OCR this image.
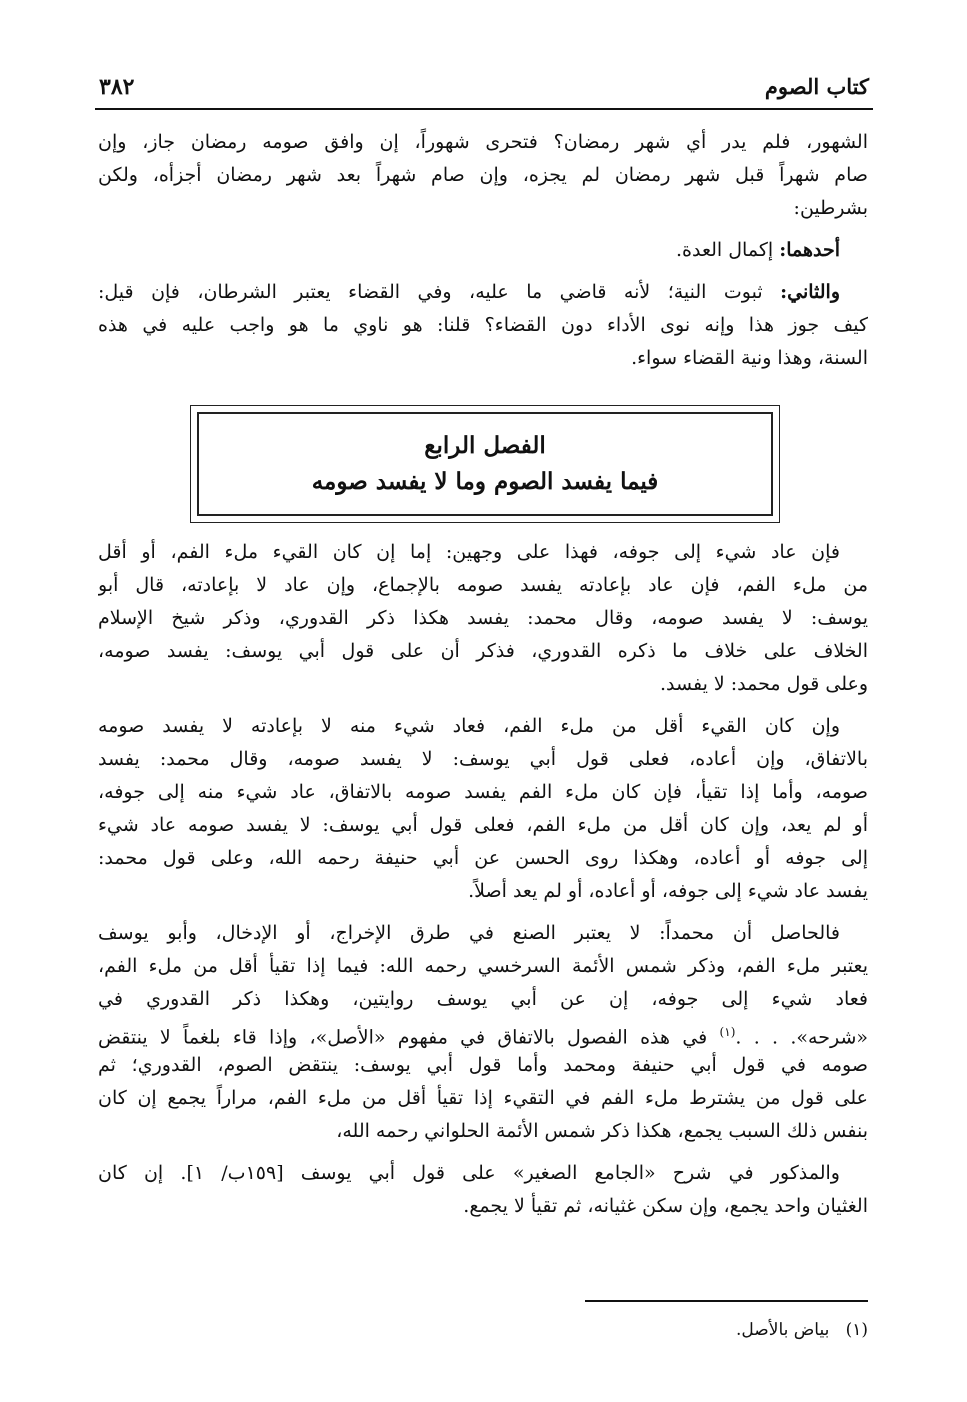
٣٨٢	كتاب الصوم
الشهور، فلم يدر أي شهر رمضان؟ فتحرى شهوراً، إن وافق صومه رمضان جاز، وإن
صام شهراً قبل شهر رمضان لم يجزه، وإن صام شهراً بعد شهر رمضان أجزأه، ولكن
بشرطين:
أحدهما: إكمال العدة.
والثاني: ثبوت النية؛ لأنه قاضي ما عليه، وفي القضاء يعتبر الشرطان، فإن قيل:
كيف جوز هذا وإنه نوى الأداء دون القضاء؟ قلنا: هو ناوي ما هو واجب عليه في هذه
السنة، وهذا ونية القضاء سواء.
الفصل الرابع
فيما يفسد الصوم وما لا يفسد صومه
فإن عاد شيء إلى جوفه، فهذا على وجهين: إما إن كان القيء ملء الفم، أو أقل
من ملء الفم، فإن عاد بإعادته يفسد صومه بالإجماع، وإن عاد لا بإعادته، قال أبو
يوسف: لا يفسد صومه، وقال محمد: يفسد هكذا ذكر القدوري، وذكر شيخ الإسلام
الخلاف على خلاف ما ذكره القدوري، فذكر أن على قول أبي يوسف: يفسد صومه،
وعلى قول محمد: لا يفسد.
وإن كان القيء أقل من ملء الفم، فعاد شيء منه لا بإعادته لا يفسد صومه
بالاتفاق، وإن أعاده، فعلى قول أبي يوسف: لا يفسد صومه، وقال محمد: يفسد
صومه، وأما إذا تقيأ، فإن كان ملء الفم يفسد صومه بالاتفاق، عاد شيء منه إلى جوفه،
أو لم يعد، وإن كان أقل من ملء الفم، فعلى قول أبي يوسف: لا يفسد صومه عاد شيء
إلى جوفه أو أعاده، وهكذا روى الحسن عن أبي حنيفة رحمه الله، وعلى قول محمد:
يفسد عاد شيء إلى جوفه، أو أعاده، أو لم يعد أصلاً.
فالحاصل أن محمداً: لا يعتبر الصنع في طرق الإخراج، أو الإدخال، وأبو يوسف
يعتبر ملء الفم، وذكر شمس الأئمة السرخسي رحمه الله: فيما إذا تقيأ أقل من ملء الفم،
فعاد شيء إلى جوفه، إن عن أبي يوسف روايتين، وهكذا ذكر القدوري في
«شرحه». . . .$^{(١)}$ في هذه الفصول بالاتفاق في مفهوم «الأصل»، وإذا قاء بلغماً لا ينتقض
صومه في قول أبي حنيفة ومحمد وأما قول أبي يوسف: ينتقض الصوم، القدوري؛ ثم
على قول من يشترط ملء الفم في التقيء إذا تقيأ أقل من ملء الفم، مراراً يجمع إن كان
بنفس ذلك السبب يجمع، هكذا ذكر شمس الأئمة الحلواني رحمه الله،
والمذكور في شرح «الجامع الصغير» على قول أبي يوسف [١٥٩ب/ ١]. إن كان
الغثيان واحد يجمع، وإن سكن غثيانه، ثم تقيأ لا يجمع.
(١)   بياض بالأصل.
